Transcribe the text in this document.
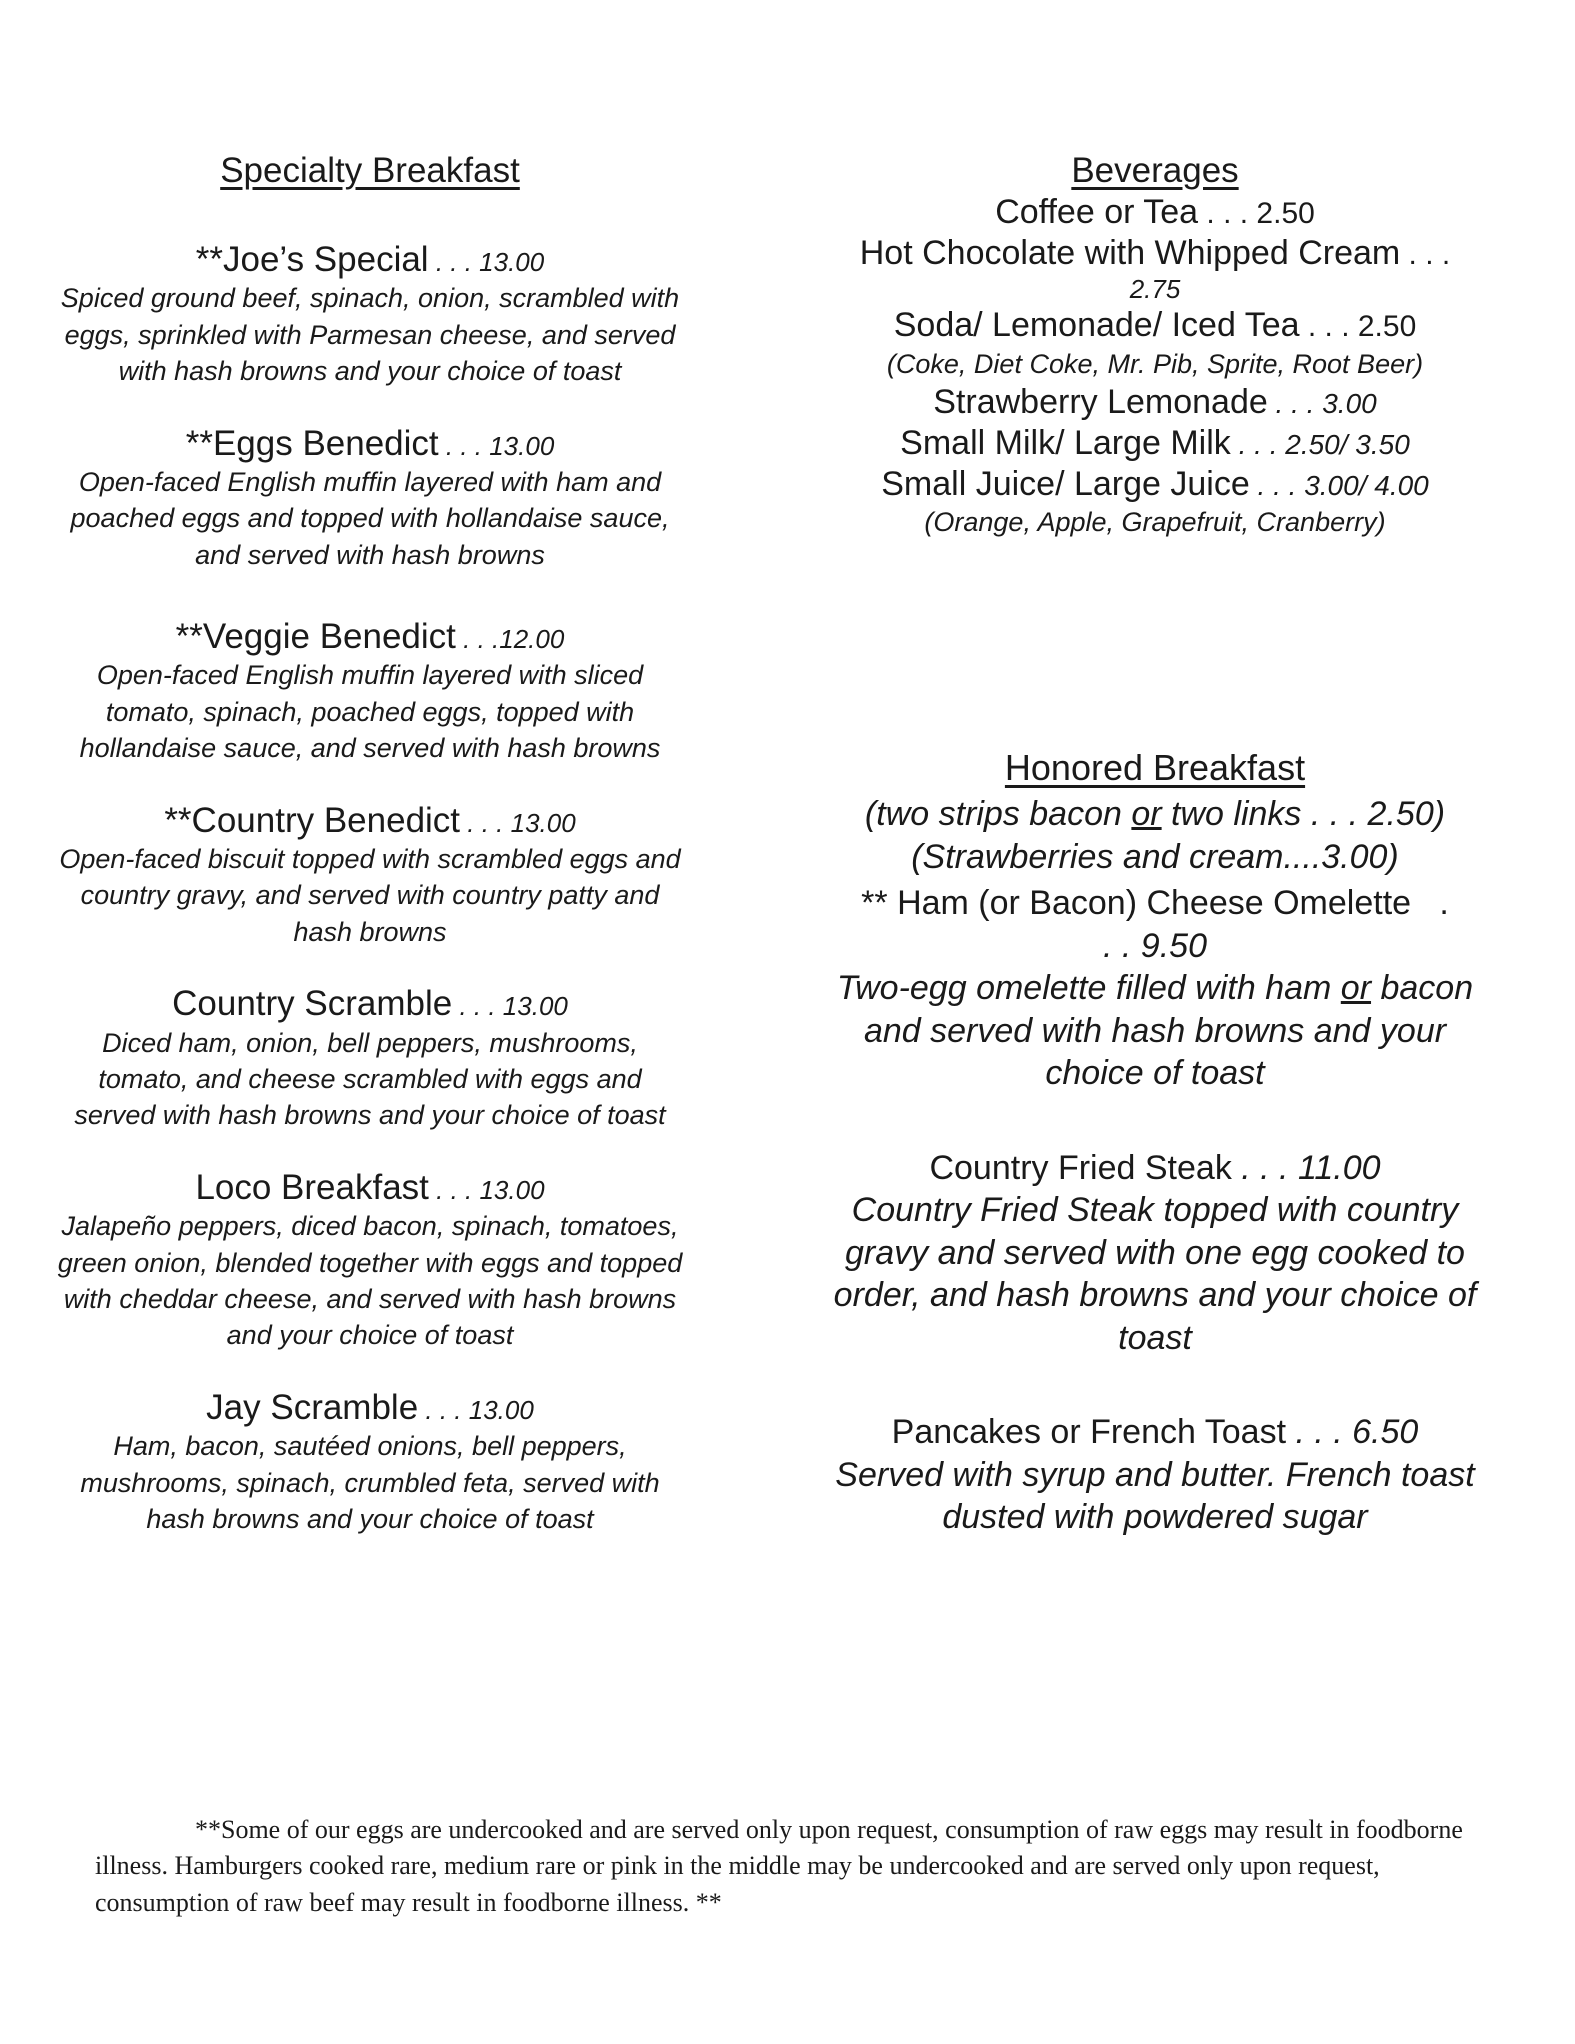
Specialty Breakfast
**Joe’s Special . . . 13.00
Spiced ground beef, spinach, onion, scrambled with eggs, sprinkled with Parmesan cheese, and served with hash browns and your choice of toast
**Eggs Benedict . . . 13.00
Open-faced English muffin layered with ham and poached eggs and topped with hollandaise sauce, and served with hash browns
**Veggie Benedict . . .12.00
Open-faced English muffin layered with sliced tomato, spinach, poached eggs, topped with hollandaise sauce, and served with hash browns
**Country Benedict . . . 13.00
Open-faced biscuit topped with scrambled eggs and country gravy, and served with country patty and hash browns
Country Scramble . . . 13.00
Diced ham, onion, bell peppers, mushrooms, tomato, and cheese scrambled with eggs and served with hash browns and your choice of toast
Loco Breakfast . . . 13.00
Jalapeño peppers, diced bacon, spinach, tomatoes, green onion, blended together with eggs and topped with cheddar cheese, and served with hash browns and your choice of toast
Jay Scramble . . . 13.00
Ham, bacon, sautéed onions, bell peppers, mushrooms, spinach, crumbled feta, served with hash browns and your choice of toast
Beverages
Coffee or Tea . . . 2.50
Hot Chocolate with Whipped Cream . . .
2.75
Soda/ Lemonade/ Iced Tea . . . 2.50
(Coke, Diet Coke, Mr. Pib, Sprite, Root Beer)
Strawberry Lemonade . . . 3.00
Small Milk/ Large Milk . . . 2.50/ 3.50
Small Juice/ Large Juice . . . 3.00/ 4.00
(Orange, Apple, Grapefruit, Cranberry)
Honored Breakfast
(two strips bacon or two links . . . 2.50)
(Strawberries and cream....3.00)
** Ham (or Bacon) Cheese Omelette   .
. . 9.50
Two-egg omelette filled with ham or bacon and served with hash browns and your choice of toast
Country Fried Steak . . . 11.00
Country Fried Steak topped with country gravy and served with one egg cooked to order, and hash browns and your choice of toast
Pancakes or French Toast . . . 6.50
Served with syrup and butter. French toast dusted with powdered sugar

**Some of our eggs are undercooked and are served only upon request, consumption of raw eggs may result in foodborne illness. Hamburgers cooked rare, medium rare or pink in the middle may be undercooked and are served only upon request, consumption of raw beef may result in foodborne illness. **
